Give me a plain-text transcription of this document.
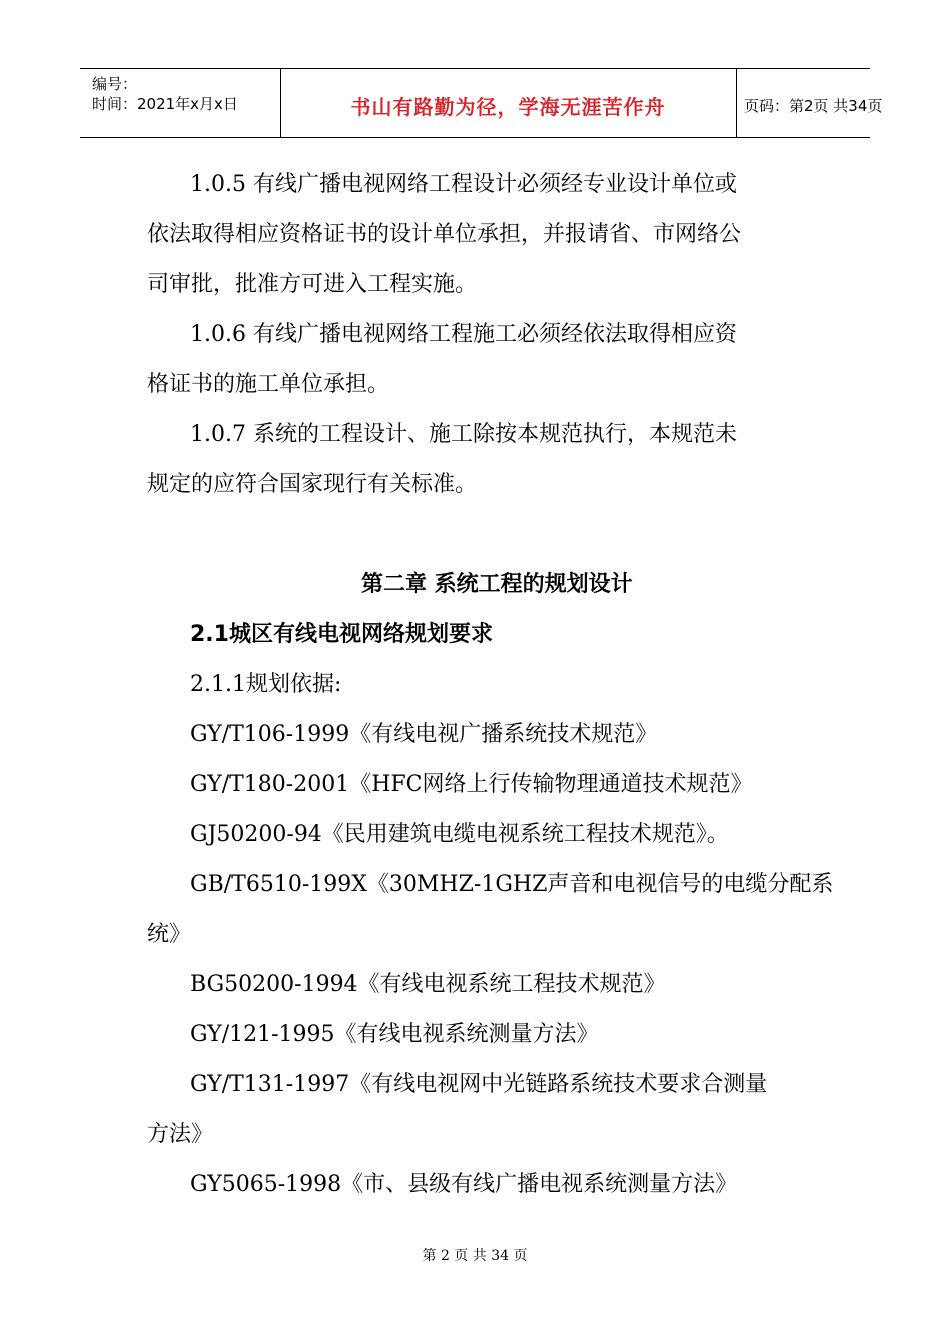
编号：
时间：2021年x月x日	书山有路勤为径，学海无涯苦作舟	页码：第2页 共34页

1.0.5 有线广播电视网络工程设计必须经专业设计单位或

依法取得相应资格证书的设计单位承担，并报请省、市网络公

司审批，批准方可进入工程实施。

1.0.6 有线广播电视网络工程施工必须经依法取得相应资

格证书的施工单位承担。

1.0.7 系统的工程设计、施工除按本规范执行，本规范未

规定的应符合国家现行有关标准。

第二章 系统工程的规划设计
2.1城区有线电视网络规划要求

2.1.1规划依据:

GY/T106-1999《有线电视广播系统技术规范》

GY/T180-2001《HFC网络上行传输物理通道技术规范》

GJ50200-94《民用建筑电缆电视系统工程技术规范》。

GB/T6510-199X《30MHZ-1GHZ声音和电视信号的电缆分配系

统》

BG50200-1994《有线电视系统工程技术规范》

GY/121-1995《有线电视系统测量方法》

GY/T131-1997《有线电视网中光链路系统技术要求合测量

方法》

GY5065-1998《市、县级有线广播电视系统测量方法》

第 2 页 共 34 页
